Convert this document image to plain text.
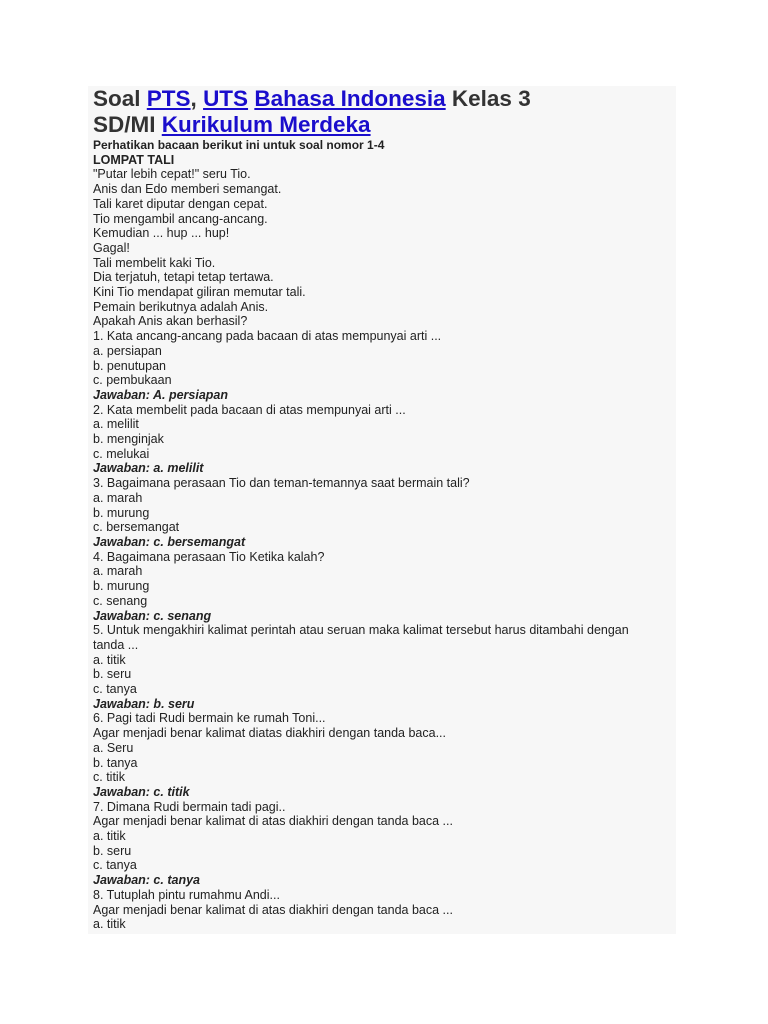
Soal PTS, UTS Bahasa Indonesia Kelas 3
SD/MI Kurikulum Merdeka
Perhatikan bacaan berikut ini untuk soal nomor 1-4
LOMPAT TALI
"Putar lebih cepat!" seru Tio.
Anis dan Edo memberi semangat.
Tali karet diputar dengan cepat.
Tio mengambil ancang-ancang.
Kemudian ... hup ... hup!
Gagal!
Tali membelit kaki Tio.
Dia terjatuh, tetapi tetap tertawa.
Kini Tio mendapat giliran memutar tali.
Pemain berikutnya adalah Anis.
Apakah Anis akan berhasil?
1. Kata ancang-ancang pada bacaan di atas mempunyai arti ...
a. persiapan
b. penutupan
c. pembukaan
Jawaban: A. persiapan
2. Kata membelit pada bacaan di atas mempunyai arti ...
a. melilit
b. menginjak
c. melukai
Jawaban: a. melilit
3. Bagaimana perasaan Tio dan teman-temannya saat bermain tali?
a. marah
b. murung
c. bersemangat
Jawaban: c. bersemangat
4. Bagaimana perasaan Tio Ketika kalah?
a. marah
b. murung
c. senang
Jawaban: c. senang
5. Untuk mengakhiri kalimat perintah atau seruan maka kalimat tersebut harus ditambahi dengan
tanda ...
a. titik
b. seru
c. tanya
Jawaban: b. seru
6. Pagi tadi Rudi bermain ke rumah Toni...
Agar menjadi benar kalimat diatas diakhiri dengan tanda baca...
a. Seru
b. tanya
c. titik
Jawaban: c. titik
7. Dimana Rudi bermain tadi pagi..
Agar menjadi benar kalimat di atas diakhiri dengan tanda baca ...
a. titik
b. seru
c. tanya
Jawaban: c. tanya
8. Tutuplah pintu rumahmu Andi...
Agar menjadi benar kalimat di atas diakhiri dengan tanda baca ...
a. titik
